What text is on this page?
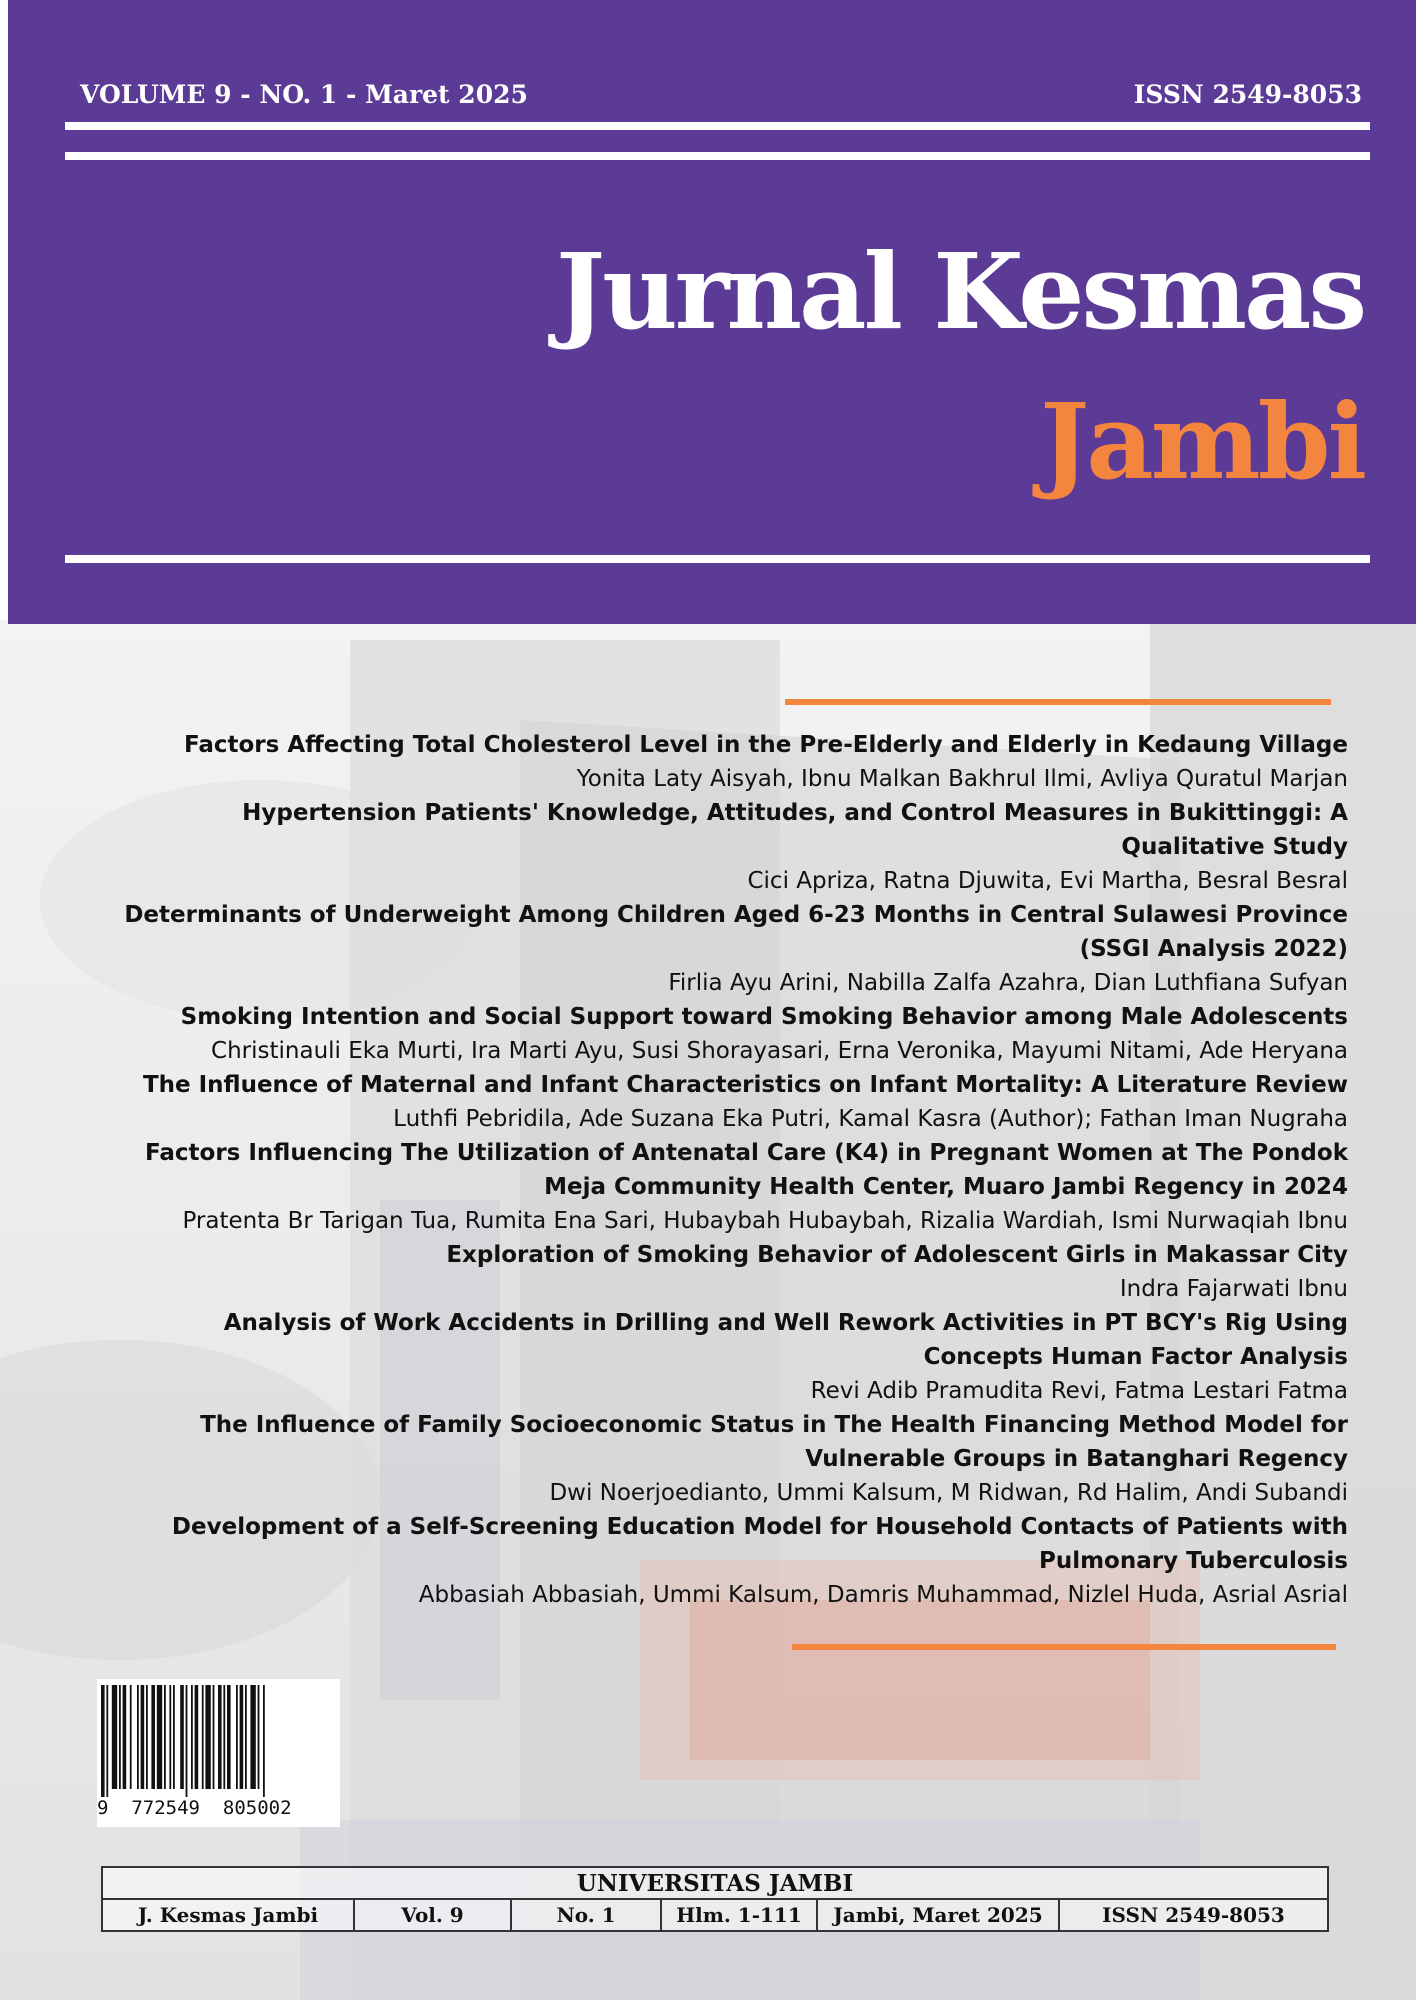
VOLUME 9 - NO. 1 - Maret 2025	ISSN 2549-8053
Jurnal Kesmas
Jambi
Factors Affecting Total Cholesterol Level in the Pre-Elderly and Elderly in Kedaung Village
Yonita Laty Aisyah, Ibnu Malkan Bakhrul Ilmi, Avliya Quratul Marjan
Hypertension Patients' Knowledge, Attitudes, and Control Measures in Bukittinggi: A Qualitative Study
Cici Apriza, Ratna Djuwita, Evi Martha, Besral Besral
Determinants of Underweight Among Children Aged 6-23 Months in Central Sulawesi Province (SSGI Analysis 2022)
Firlia Ayu Arini, Nabilla Zalfa Azahra, Dian Luthfiana Sufyan
Smoking Intention and Social Support toward Smoking Behavior among Male Adolescents
Christinauli Eka Murti, Ira Marti Ayu, Susi Shorayasari, Erna Veronika, Mayumi Nitami, Ade Heryana
The Influence of Maternal and Infant Characteristics on Infant Mortality: A Literature Review
Luthfi Pebridila, Ade Suzana Eka Putri, Kamal Kasra (Author); Fathan Iman Nugraha
Factors Influencing The Utilization of Antenatal Care (K4) in Pregnant Women at The Pondok Meja Community Health Center, Muaro Jambi Regency in 2024
Pratenta Br Tarigan Tua, Rumita Ena Sari, Hubaybah Hubaybah, Rizalia Wardiah, Ismi Nurwaqiah Ibnu
Exploration of Smoking Behavior of Adolescent Girls in Makassar City
Indra Fajarwati Ibnu
Analysis of Work Accidents in Drilling and Well Rework Activities in PT BCY's Rig Using Concepts Human Factor Analysis
Revi Adib Pramudita Revi, Fatma Lestari Fatma
The Influence of Family Socioeconomic Status in The Health Financing Method Model for Vulnerable Groups in Batanghari Regency
Dwi Noerjoedianto, Ummi Kalsum, M Ridwan, Rd Halim, Andi Subandi
Development of a Self-Screening Education Model for Household Contacts of Patients with Pulmonary Tuberculosis
Abbasiah Abbasiah, Ummi Kalsum, Damris Muhammad, Nizlel Huda, Asrial Asrial
9 772549 805002
UNIVERSITAS JAMBI
J. Kesmas Jambi	Vol. 9	No. 1	Hlm. 1-111	Jambi, Maret 2025	ISSN 2549-8053
